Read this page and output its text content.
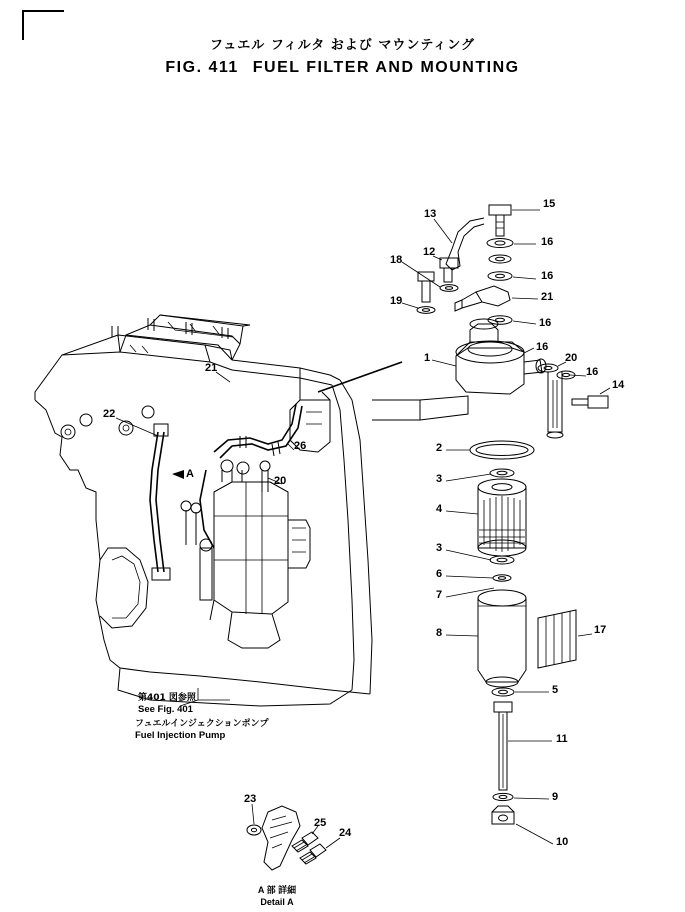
フュエル フィルタ および マウンティング
FIG. 411 FUEL FILTER AND MOUNTING
15
13
16
12
18
16
21
19
16
16
20
1
16
14
2
3
4
3
6
7
8	17
5
11
9
10
22
21
26
20
23
25
24
A
第401 図参照
See Fig. 401
フュエルインジェクションポンプ
Fuel Injection Pump
A 部 詳細
Detail A
